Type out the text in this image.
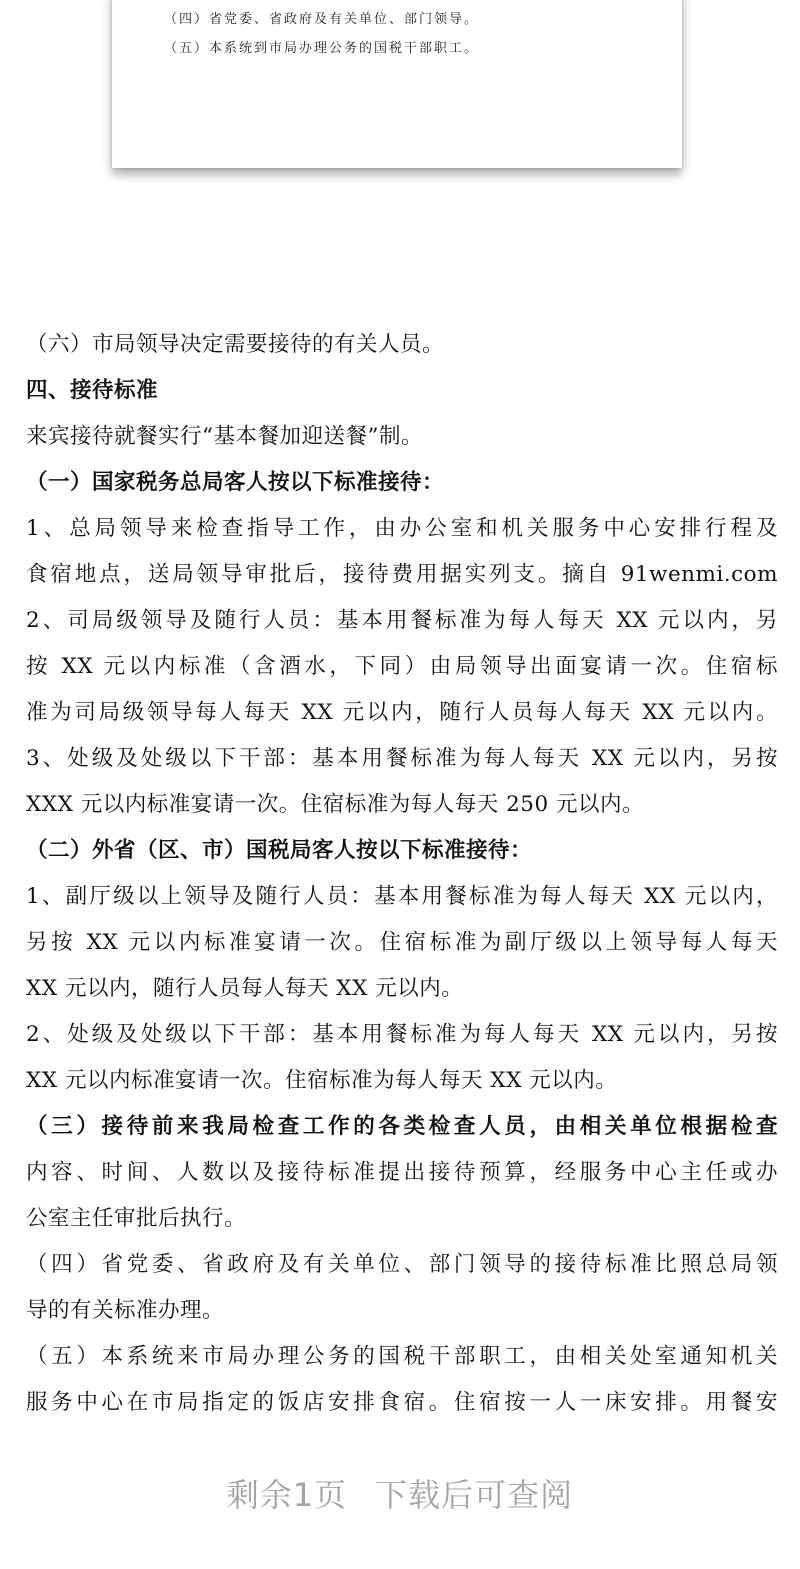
（四）省党委、省政府及有关单位、部门领导。
（五）本系统到市局办理公务的国税干部职工。
（六）市局领导决定需要接待的有关人员。
四、接待标准
来宾接待就餐实行“基本餐加迎送餐”制。
（一）国家税务总局客人按以下标准接待：
1、总局领导来检查指导工作，由办公室和机关服务中心安排行程及
食宿地点，送局领导审批后，接待费用据实列支。摘自 91wenmi.com
2、司局级领导及随行人员：基本用餐标准为每人每天 XX 元以内，另
按 XX 元以内标准（含酒水，下同）由局领导出面宴请一次。住宿标
准为司局级领导每人每天 XX 元以内，随行人员每人每天 XX 元以内。
3、处级及处级以下干部：基本用餐标准为每人每天 XX 元以内，另按
XXX 元以内标准宴请一次。住宿标准为每人每天 250 元以内。
（二）外省（区、市）国税局客人按以下标准接待：
1、副厅级以上领导及随行人员：基本用餐标准为每人每天 XX 元以内，
另按 XX 元以内标准宴请一次。住宿标准为副厅级以上领导每人每天
XX 元以内，随行人员每人每天 XX 元以内。
2、处级及处级以下干部：基本用餐标准为每人每天 XX 元以内，另按
XX 元以内标准宴请一次。住宿标准为每人每天 XX 元以内。
（三）接待前来我局检查工作的各类检查人员，由相关单位根据检查
内容、时间、人数以及接待标准提出接待预算，经服务中心主任或办
公室主任审批后执行。
（四）省党委、省政府及有关单位、部门领导的接待标准比照总局领
导的有关标准办理。
（五）本系统来市局办理公务的国税干部职工，由相关处室通知机关
服务中心在市局指定的饭店安排食宿。住宿按一人一床安排。用餐安
剩余1页 下载后可查阅
